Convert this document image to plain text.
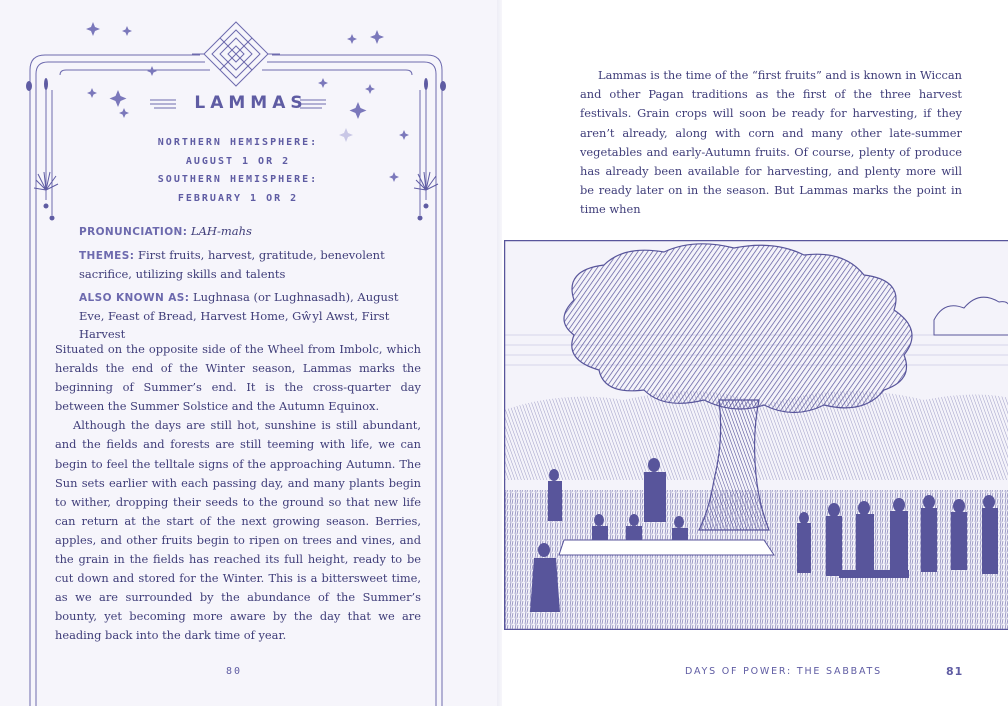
LAMMAS
NORTHERN HEMISPHERE:
AUGUST 1 OR 2
SOUTHERN HEMISPHERE:
FEBRUARY 1 OR 2
PRONUNCIATION: LAH-mahs
THEMES: First fruits, harvest, gratitude, benevolent sacrifice, utilizing skills and talents
ALSO KNOWN AS: Lughnasa (or Lughnasadh), August Eve, Feast of Bread, Harvest Home, Gŵyl Awst, First Harvest

Situated on the opposite side of the Wheel from Imbolc, which heralds the end of the Winter season, Lammas marks the beginning of Summer’s end. It is the cross-quarter day between the Summer Solstice and the Autumn Equinox.

Although the days are still hot, sunshine is still abundant, and the fields and forests are still teeming with life, we can begin to feel the telltale signs of the approaching Autumn. The Sun sets earlier with each passing day, and many plants begin to wither, dropping their seeds to the ground so that new life can return at the start of the next growing season. Berries, apples, and other fruits begin to ripen on trees and vines, and the grain in the fields has reached its full height, ready to be cut down and stored for the Winter. This is a bittersweet time, as we are surrounded by the abundance of the Summer’s bounty, yet becoming more aware by the day that we are heading back into the dark time of year.

80

Lammas is the time of the “first fruits” and is known in Wiccan and other Pagan traditions as the first of the three harvest festivals. Grain crops will soon be ready for harvesting, if they aren’t already, along with corn and many other late-summer vegetables and early-Autumn fruits. Of course, plenty of produce has already been available for harvesting, and plenty more will be ready later on in the season. But Lammas marks the point in time when

DAYS OF POWER: THE SABBATS	81
